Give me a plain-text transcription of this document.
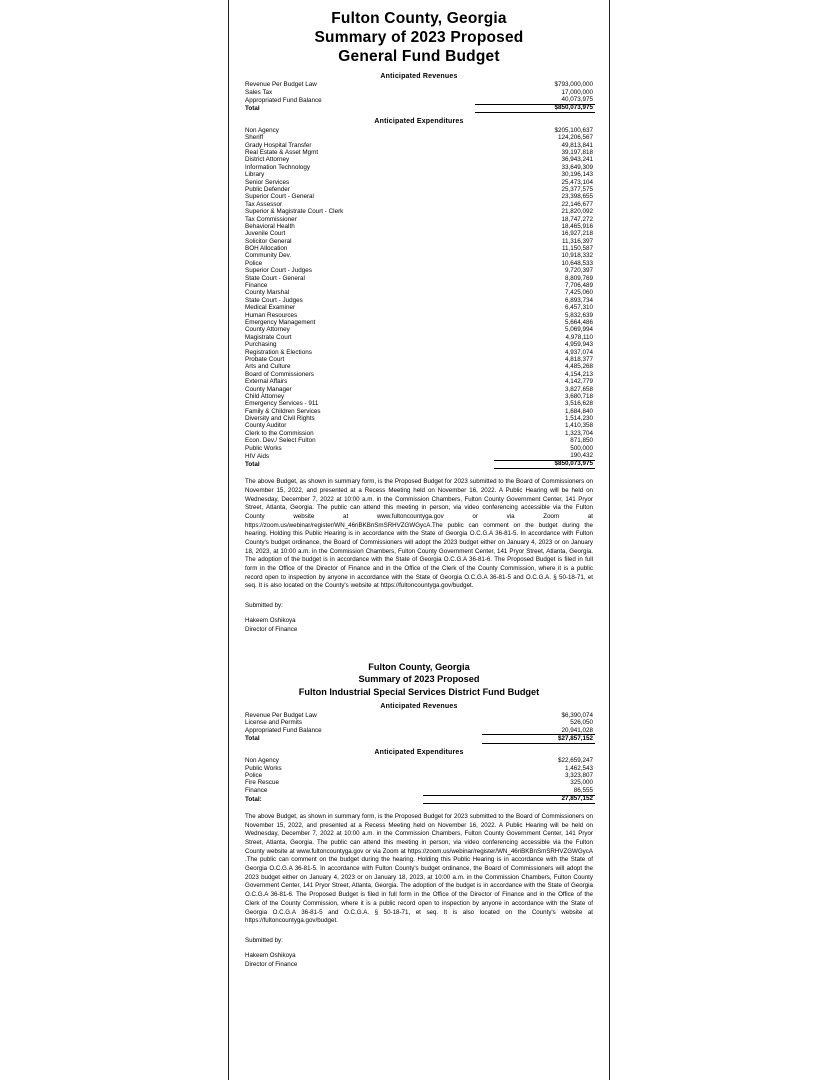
Fulton County, Georgia
Summary of 2023 Proposed
General Fund Budget
Anticipated Revenues
Revenue Per Budget Law	$793,000,000
Sales Tax	17,000,000
Appropriated Fund Balance	40,073,975
Total	$850,073,975
Anticipated Expenditures
Non Agency	$205,100,637
Sheriff	124,206,567
Grady Hospital Transfer	49,813,841
Real Estate & Asset Mgmt	39,197,818
District Attorney	36,943,241
Information Technology	33,649,309
Library	30,196,143
Senior Services	25,473,104
Public Defender	25,377,575
Superior Court - General	23,398,655
Tax Assessor	22,146,677
Superior & Magistrate Court - Clerk	21,820,092
Tax Commissioner	18,747,272
Behavioral Health	18,465,916
Juvenile Court	16,927,218
Solicitor General	11,316,397
BOH Allocation	11,150,587
Community Dev.	10,918,332
Police	10,648,533
Superior Court - Judges	9,720,397
State Court - General	8,809,769
Finance	7,706,489
County Marshal	7,425,060
State Court - Judges	6,893,734
Medical Examiner	6,457,310
Human Resources	5,832,639
Emergency Management	5,664,486
County Attorney	5,069,994
Magistrate Court	4,978,110
Purchasing	4,959,943
Registration & Elections	4,937,074
Probate Court	4,818,377
Arts and Culture	4,485,268
Board of Commissioners	4,154,213
External Affairs	4,142,779
County Manager	3,827,658
Child Attorney	3,680,718
Emergency Services - 911	3,516,628
Family & Children Services	1,684,840
Diversity and Civil Rights	1,514,230
County Auditor	1,410,358
Clerk to the Commission	1,323,704
Econ. Dev./ Select Fulton	871,850
Public Works	500,000
HIV Aids	190,432
Total	$850,073,975
The above Budget, as shown in summary form, is the Proposed Budget for 2023 submitted to the Board of Commissioners on November 15, 2022, and presented at a Recess Meeting held on November 16, 2022. A Public Hearing will be held on Wednesday, December 7, 2022 at 10:00 a.m. in the Commission Chambers, Fulton County Government Center, 141 Pryor Street, Atlanta, Georgia. The public can attend this meeting in person, via video conferencing accessible via the Fulton County website at www.fultoncountyga.gov or via Zoom at https://zoom.us/webinar/register/WN_46riBKBnSmSRHVZGWGycA.The public can comment on the budget during the hearing. Holding this Public Hearing is in accordance with the State of Georgia O.C.G.A 36-81-5. In accordance with Fulton County's budget ordinance, the Board of Commissioners will adopt the 2023 budget either on January 4, 2023 or on January 18, 2023, at 10:00 a.m. in the Commission Chambers, Fulton County Government Center, 141 Pryor Street, Atlanta, Georgia. The adoption of the budget is in accordance with the State of Georgia O.C.G.A 36-81-6. The Proposed Budget is filed in full form in the Office of the Director of Finance and in the Office of the Clerk of the County Commission, where it is a public record open to inspection by anyone in accordance with the State of Georgia O.C.G.A 36-81-5 and O.C.G.A. § 50-18-71, et seq. It is also located on the County's website at https://fultoncountyga.gov/budget.
Submitted by:
Hakeem Oshikoya
Director of Finance
Fulton County, Georgia
Summary of 2023 Proposed
Fulton Industrial Special Services District Fund Budget
Anticipated Revenues
Revenue Per Budget Law	$6,390,074
License and Permits	526,050
Appropriated Fund Balance	20,941,028
Total	$27,857,152
Anticipated Expenditures
Non Agency	$22,659,247
Public Works	1,462,543
Police	3,323,807
Fire Rescue	325,000
Finance	86,555
Total:	27,857,152
The above Budget, as shown in summary form, is the Proposed Budget for 2023 submitted to the Board of Commissioners on November 15, 2022, and presented at a Recess Meeting held on November 16, 2022. A Public Hearing will be held on Wednesday, December 7, 2022 at 10:00 a.m. in the Commission Chambers, Fulton County Government Center, 141 Pryor Street, Atlanta, Georgia. The public can attend this meeting in person, via video conferencing accessible via the Fulton County website at www.fultoncountyga.gov or via Zoom at https://zoom.us/webinar/register/WN_46riBKBnSmSRHVZGWGycA .The public can comment on the budget during the hearing. Holding this Public Hearing is in accordance with the State of Georgia O.C.G.A 36-81-5. In accordance with Fulton County's budget ordinance, the Board of Commissioners will adopt the 2023 budget either on January 4, 2023 or on January 18, 2023, at 10:00 a.m. in the Commission Chambers, Fulton County Government Center, 141 Pryor Street, Atlanta, Georgia. The adoption of the budget is in accordance with the State of Georgia O.C.G.A 36-81-6. The Proposed Budget is filed in full form in the Office of the Director of Finance and in the Office of the Clerk of the County Commission, where it is a public record open to inspection by anyone in accordance with the State of Georgia O.C.G.A 36-81-5 and O.C.G.A. § 50-18-71, et seq. It is also located on the County's website at https://fultoncountyga.gov/budget.
Submitted by:
Hakeem Oshikoya
Director of Finance
